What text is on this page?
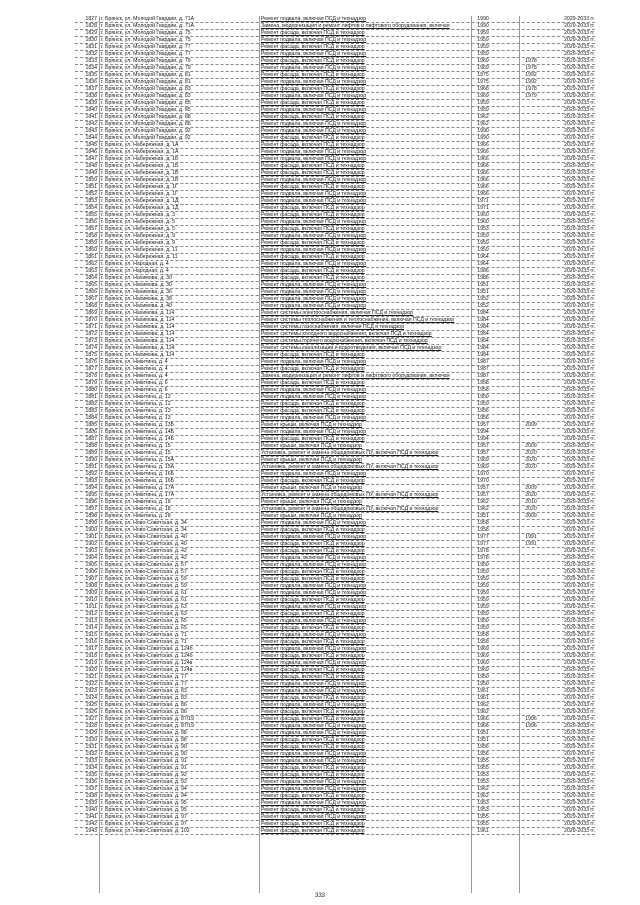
1827 г. Брянск, ул. Молодой Гвардии, д. 71А	Ремонт подвала, включая ПСД и технадзор	1990	2029-2033 гг.
1828 г. Брянск, ул. Молодой Гвардии, д. 71А	Замена, модернизация и ремонт лифтов и лифтового оборудования, включая	1990	2029-2033 гг.
1829 г. Брянск, ул. Молодой Гвардии, д. 75	Ремонт фасада, включая ПСД и технадзор	1959	2029-2033 гг.
1830 г. Брянск, ул. Молодой Гвардии, д. 75	Ремонт подвала, включая ПСД и технадзор	1959	2029-2033 гг.
1831 г. Брянск, ул. Молодой Гвардии, д. 77	Ремонт фасада, включая ПСД и технадзор	1959	2029-2033 гг.
1832 г. Брянск, ул. Молодой Гвардии, д. 77	Ремонт подвала, включая ПСД и технадзор	1959	2029-2033 гг.
1833 г. Брянск, ул. Молодой Гвардии, д. 79	Ремонт фасада, включая ПСД и технадзор	1969	1978	2029-2033 гг.
1834 г. Брянск, ул. Молодой Гвардии, д. 79	Ремонт подвала, включая ПСД и технадзор	1969	1978	2029-2033 гг.
1835 г. Брянск, ул. Молодой Гвардии, д. 81	Ремонт фасада, включая ПСД и технадзор	1975	1992	2029-2033 гг.
1836 г. Брянск, ул. Молодой Гвардии, д. 81	Ремонт подвала, включая ПСД и технадзор	1975	1992	2029-2033 гг.
1837 г. Брянск, ул. Молодой Гвардии, д. 83	Ремонт фасада, включая ПСД и технадзор	1968	1978	2029-2033 гг.
1838 г. Брянск, ул. Молодой Гвардии, д. 83	Ремонт подвала, включая ПСД и технадзор	1969	1979	2029-2033 гг.
1839 г. Брянск, ул. Молодой Гвардии, д. 85	Ремонт фасада, включая ПСД и технадзор	1959	2029-2033 гг.
1840 г. Брянск, ул. Молодой Гвардии, д. 85	Ремонт подвала, включая ПСД и технадзор	1959	2029-2033 гг.
1841 г. Брянск, ул. Молодой Гвардии, д. 88	Ремонт фасада, включая ПСД и технадзор	1962	2029-2033 гг.
1842 г. Брянск, ул. Молодой Гвардии, д. 88	Ремонт подвала, включая ПСД и технадзор	1962	2029-2033 гг.
1843 г. Брянск, ул. Молодой Гвардии, д. 92	Ремонт подвала, включая ПСД и технадзор	1990	2029-2033 гг.
1844 г. Брянск, ул. Молодой Гвардии, д. 92	Ремонт фасада, включая ПСД и технадзор	1990	2029-2033 гг.
1845 г. Брянск, ул. Набережная, д. 1А	Ремонт фасада, включая ПСД и технадзор	1966	2029-2033 гг.
1846 г. Брянск, ул. Набережная, д. 1А	Ремонт подвала, включая ПСД и технадзор	1966	2029-2033 гг.
1847 г. Брянск, ул. Набережная, д. 1Б	Ремонт подвала, включая ПСД и технадзор	1966	2029-2033 гг.
1848 г. Брянск, ул. Набережная, д. 1Б	Ремонт фасада, включая ПСД и технадзор	1966	2029-2033 гг.
1849 г. Брянск, ул. Набережная, д. 1В	Ремонт фасада, включая ПСД и технадзор	1966	2029-2033 гг.
1850 г. Брянск, ул. Набережная, д. 1В	Ремонт подвала, включая ПСД и технадзор	1966	2029-2033 гг.
1851 г. Брянск, ул. Набережная, д. 1Г	Ремонт фасада, включая ПСД и технадзор	1966	2029-2033 гг.
1852 г. Брянск, ул. Набережная, д. 1Г	Ремонт подвала, включая ПСД и технадзор	1966	2029-2033 гг.
1853 г. Брянск, ул. Набережная, д. 1Д	Ремонт подвала, включая ПСД и технадзор	1971	2029-2033 гг.
1854 г. Брянск, ул. Набережная, д. 1Д	Ремонт фасада, включая ПСД и технадзор	1971	2029-2033 гг.
1855 г. Брянск, ул. Набережная, д. 3	Ремонт фасада, включая ПСД и технадзор	1960	2029-2033 гг.
1856 г. Брянск, ул. Набережная, д. 5	Ремонт подвала, включая ПСД и технадзор	1960	2029-2033 гг.
1857 г. Брянск, ул. Набережная, д. 5	Ремонт фасада, включая ПСД и технадзор	1953	2029-2033 гг.
1858 г. Брянск, ул. Набережная, д. 9	Ремонт подвала, включая ПСД и технадзор	1959	2029-2033 гг.
1859 г. Брянск, ул. Набережная, д. 9	Ремонт фасада, включая ПСД и технадзор	1959	2029-2033 гг.
1860 г. Брянск, ул. Набережная, д. 11	Ремонт подвала, включая ПСД и технадзор	1959	2029-2033 гг.
1861 г. Брянск, ул. Набережная, д. 11	Ремонт фасада, включая ПСД и технадзор	1964	2029-2033 гг.
1862 г. Брянск, ул. Народная, д. 4	Ремонт подвала, включая ПСД и технадзор	1964	2029-2033 гг.
1863 г. Брянск, ул. Народная, д. 4	Ремонт фасада, включая ПСД и технадзор	1986	2029-2033 гг.
1864 г. Брянск, ул. Нахимова, д. 30	Ремонт фасада, включая ПСД и технадзор	1986	2029-2033 гг.
1865 г. Брянск, ул. Нахимова, д. 30	Ремонт подвала, включая ПСД и технадзор	1951	2029-2033 гг.
1866 г. Брянск, ул. Нахимова, д. 36	Ремонт подвала, включая ПСД и технадзор	1951	2029-2033 гг.
1867 г. Брянск, ул. Нахимова, д. 38	Ремонт подвала, включая ПСД и технадзор	1952	2029-2033 гг.
1868 г. Брянск, ул. Нахимова, д. 40	Ремонт подвала, включая ПСД и технадзор	1952	2029-2033 гг.
1869 г. Брянск, ул. Нахимова, д. 114	Ремонт системы электроснабжения, включая ПСД и технадзор	1984	2029-2033 гг.
1870 г. Брянск, ул. Нахимова, д. 114	Ремонт системы теплоснабжения и теплоснабжения, включая ПСД и технадзор	1984	2029-2033 гг.
1871 г. Брянск, ул. Нахимова, д. 114	Ремонт системы газоснабжения, включая ПСД и технадзор	1984	2029-2033 гг.
1872 г. Брянск, ул. Нахимова, д. 114	Ремонт системы холодного водоснабжения, включая ПСД и технадзор	1984	2029-2033 гг.
1873 г. Брянск, ул. Нахимова, д. 114	Ремонт системы горячего водоснабжения, включая ПСД и технадзор	1984	2029-2033 гг.
1874 г. Брянск, ул. Нахимова, д. 114	Ремонт системы канализации и водоотведения, включая ПСД и технадзор	1984	2029-2033 гг.
1875 г. Брянск, ул. Нахимова, д. 114	Ремонт фасада, включая ПСД и технадзор	1984	2029-2033 гг.
1876 г. Брянск, ул. Никитина, д. 4	Ремонт подвала, включая ПСД и технадзор	1987	2029-2033 гг.
1877 г. Брянск, ул. Никитина, д. 4	Ремонт фасада, включая ПСД и технадзор	1987	2029-2033 гг.
1878 г. Брянск, ул. Никитина, д. 4	Замена, модернизация и ремонт лифтов и лифтового оборудования, включая	1987	2029-2033 гг.
1879 г. Брянск, ул. Никитина, д. 6	Ремонт фасада, включая ПСД и технадзор	1958	2029-2033 гг.
1880 г. Брянск, ул. Никитина, д. 6	Ремонт подвала, включая ПСД и технадзор	1958	2029-2033 гг.
1881 г. Брянск, ул. Никитина, д. 12	Ремонт подвала, включая ПСД и технадзор	1959	2029-2033 гг.
1882 г. Брянск, ул. Никитина, д. 12	Ремонт фасада, включая ПСД и технадзор	1959	2029-2033 гг.
1883 г. Брянск, ул. Никитина, д. 13	Ремонт фасада, включая ПСД и технадзор	1956	2029-2033 гг.
1884 г. Брянск, ул. Никитина, д. 13	Ремонт подвала, включая ПСД и технадзор	1956	2029-2033 гг.
1885 г. Брянск, ул. Никитина, д. 13Б	Ремонт крыши, включая ПСД и технадзор	1957	2009	2029-2033 гг.
1886 г. Брянск, ул. Никитина, д. 14Б	Ремонт подвала, включая ПСД и технадзор	1994	2029-2033 гг.
1887 г. Брянск, ул. Никитина, д. 14Б	Ремонт фасада, включая ПСД и технадзор	1994	2029-2033 гг.
1888 г. Брянск, ул. Никитина, д. 15	Ремонт крыши, включая ПСД и технадзор	1957	2009	2029-2033 гг.
1889 г. Брянск, ул. Никитина, д. 15	Установка, ремонт и замена общедомовых ПУ, включая ПСД и технадзор	1957	2020	2029-2033 гг.
1890 г. Брянск, ул. Никитина, д. 15А	Ремонт крыши, включая ПСД и технадзор	1969	2020	2029-2033 гг.
1891 г. Брянск, ул. Никитина, д. 15А	Установка, ремонт и замена общедомовых ПУ, включая ПСД и технадзор	1969	2020	2029-2033 гг.
1892 г. Брянск, ул. Никитина, д. 16Б	Ремонт подвала, включая ПСД и технадзор	1970	2029-2033 гг.
1893 г. Брянск, ул. Никитина, д. 16Б	Ремонт фасада, включая ПСД и технадзор	1970	2029-2033 гг.
1894 г. Брянск, ул. Никитина, д. 17А	Ремонт крыши, включая ПСД и технадзор	1957	2009	2029-2033 гг.
1895 г. Брянск, ул. Никитина, д. 17А	Установка, ремонт и замена общедомовых ПУ, включая ПСД и технадзор	1957	2020	2029-2033 гг.
1896 г. Брянск, ул. Никитина, д. 18	Ремонт крыши, включая ПСД и технадзор	1962	2010	2029-2033 гг.
1897 г. Брянск, ул. Никитина, д. 18	Установка, ремонт и замена общедомовых ПУ, включая ПСД и технадзор	1962	2020	2029-2033 гг.
1898 г. Брянск, ул. Никитина, д. 28	Ремонт крыши, включая ПСД и технадзор	1951	2009	2029-2033 гг.
1899 г. Брянск, ул. Ново-Советская, д. 34	Ремонт подвала, включая ПСД и технадзор	1958	2029-2033 гг.
1900 г. Брянск, ул. Ново-Советская, д. 34	Ремонт фасада, включая ПСД и технадзор	1958	2029-2033 гг.
1901 г. Брянск, ул. Ново-Советская, д. 40	Ремонт подвала, включая ПСД и технадзор	1977	1991	2029-2033 гг.
1902 г. Брянск, ул. Ново-Советская, д. 40	Ремонт фасада, включая ПСД и технадзор	1977	1991	2029-2033 гг.
1903 г. Брянск, ул. Ново-Советская, д. 42	Ремонт фасада, включая ПСД и технадзор	1978	2029-2033 гг.
1904 г. Брянск, ул. Ново-Советская, д. 42	Ремонт подвала, включая ПСД и технадзор	1978	2029-2033 гг.
1905 г. Брянск, ул. Ново-Советская, д. 57	Ремонт подвала, включая ПСД и технадзор	1959	2029-2033 гг.
1906 г. Брянск, ул. Ново-Советская, д. 57	Ремонт фасада, включая ПСД и технадзор	1959	2029-2033 гг.
1907 г. Брянск, ул. Ново-Советская, д. 59	Ремонт фасада, включая ПСД и технадзор	1959	2029-2033 гг.
1908 г. Брянск, ул. Ново-Советская, д. 59	Ремонт подвала, включая ПСД и технадзор	1959	2029-2033 гг.
1909 г. Брянск, ул. Ново-Советская, д. 61	Ремонт подвала, включая ПСД и технадзор	1959	2029-2033 гг.
1910 г. Брянск, ул. Ново-Советская, д. 61	Ремонт фасада, включая ПСД и технадзор	1959	2029-2033 гг.
1911 г. Брянск, ул. Ново-Советская, д. 63	Ремонт подвала, включая ПСД и технадзор	1959	2029-2033 гг.
1912 г. Брянск, ул. Ново-Советская, д. 63	Ремонт фасада, включая ПСД и технадзор	1959	2029-2033 гг.
1913 г. Брянск, ул. Ново-Советская, д. 65	Ремонт подвала, включая ПСД и технадзор	1959	2029-2033 гг.
1914 г. Брянск, ул. Ново-Советская, д. 65	Ремонт фасада, включая ПСД и технадзор	1959	2029-2033 гг.
1915 г. Брянск, ул. Ново-Советская, д. 71	Ремонт подвала, включая ПСД и технадзор	1958	2029-2033 гг.
1916 г. Брянск, ул. Ново-Советская, д. 71	Ремонт фасада, включая ПСД и технадзор	1958	2029-2033 гг.
1917 г. Брянск, ул. Ново-Советская, д. 124б	Ремонт подвала, включая ПСД и технадзор	1969	2029-2033 гг.
1918 г. Брянск, ул. Ново-Советская, д. 124б	Ремонт фасада, включая ПСД и технадзор	1969	2029-2033 гг.
1919 г. Брянск, ул. Ново-Советская, д. 124в	Ремонт подвала, включая ПСД и технадзор	1969	2029-2033 гг.
1920 г. Брянск, ул. Ново-Советская, д. 124в	Ремонт фасада, включая ПСД и технадзор	1969	2029-2033 гг.
1921 г. Брянск, ул. Ново-Советская, д. 77	Ремонт фасада, включая ПСД и технадзор	1950	2029-2033 гг.
1922 г. Брянск, ул. Ново-Советская, д. 77	Ремонт подвала, включая ПСД и технадзор	1950	2029-2033 гг.
1923 г. Брянск, ул. Ново-Советская, д. 83	Ремонт подвала, включая ПСД и технадзор	1961	2029-2033 гг.
1924 г. Брянск, ул. Ново-Советская, д. 83	Ремонт фасада, включая ПСД и технадзор	1961	2029-2033 гг.
1925 г. Брянск, ул. Ново-Советская, д. 86	Ремонт подвала, включая ПСД и технадзор	1962	2029-2033 гг.
1926 г. Брянск, ул. Ново-Советская, д. 86	Ремонт фасада, включая ПСД и технадзор	1962	2029-2033 гг.
1927 г. Брянск, ул. Ново-Советская, д. 87/19	Ремонт фасада, включая ПСД и технадзор	1966	1996	2029-2033 гг.
1928 г. Брянск, ул. Ново-Советская, д. 87/19	Ремонт подвала, включая ПСД и технадзор	1966	1996	2029-2033 гг.
1929 г. Брянск, ул. Ново-Советская, д. 88	Ремонт подвала, включая ПСД и технадзор	1951	2029-2033 гг.
1930 г. Брянск, ул. Ново-Советская, д. 88	Ремонт фасада, включая ПСД и технадзор	1951	2029-2033 гг.
1931 г. Брянск, ул. Ново-Советская, д. 90	Ремонт фасада, включая ПСД и технадзор	1956	2029-2033 гг.
1932 г. Брянск, ул. Ново-Советская, д. 90	Ремонт подвала, включая ПСД и технадзор	1956	2029-2033 гг.
1933 г. Брянск, ул. Ново-Советская, д. 91	Ремонт подвала, включая ПСД и технадзор	1955	2029-2033 гг.
1934 г. Брянск, ул. Ново-Советская, д. 91	Ремонт фасада, включая ПСД и технадзор	1955	2029-2033 гг.
1935 г. Брянск, ул. Ново-Советская, д. 92	Ремонт фасада, включая ПСД и технадзор	1953	2029-2033 гг.
1936 г. Брянск, ул. Ново-Советская, д. 92	Ремонт подвала, включая ПСД и технадзор	1953	2029-2033 гг.
1937 г. Брянск, ул. Ново-Советская, д. 94	Ремонт подвала, включая ПСД и технадзор	1962	2029-2033 гг.
1938 г. Брянск, ул. Ново-Советская, д. 94	Ремонт фасада, включая ПСД и технадзор	1962	2029-2033 гг.
1939 г. Брянск, ул. Ново-Советская, д. 95	Ремонт подвала, включая ПСД и технадзор	1953	2029-2033 гг.
1940 г. Брянск, ул. Ново-Советская, д. 95	Ремонт фасада, включая ПСД и технадзор	1953	2029-2033 гг.
1941 г. Брянск, ул. Ново-Советская, д. 97	Ремонт подвала, включая ПСД и технадзор	1955	2029-2033 гг.
1942 г. Брянск, ул. Ново-Советская, д. 97	Ремонт фасада, включая ПСД и технадзор	1955	2029-2033 гг.
1943 г. Брянск, ул. Ново-Советская, д. 102	Ремонт фасада, включая ПСД и технадзор	1961	2029-2033 гг.
333
